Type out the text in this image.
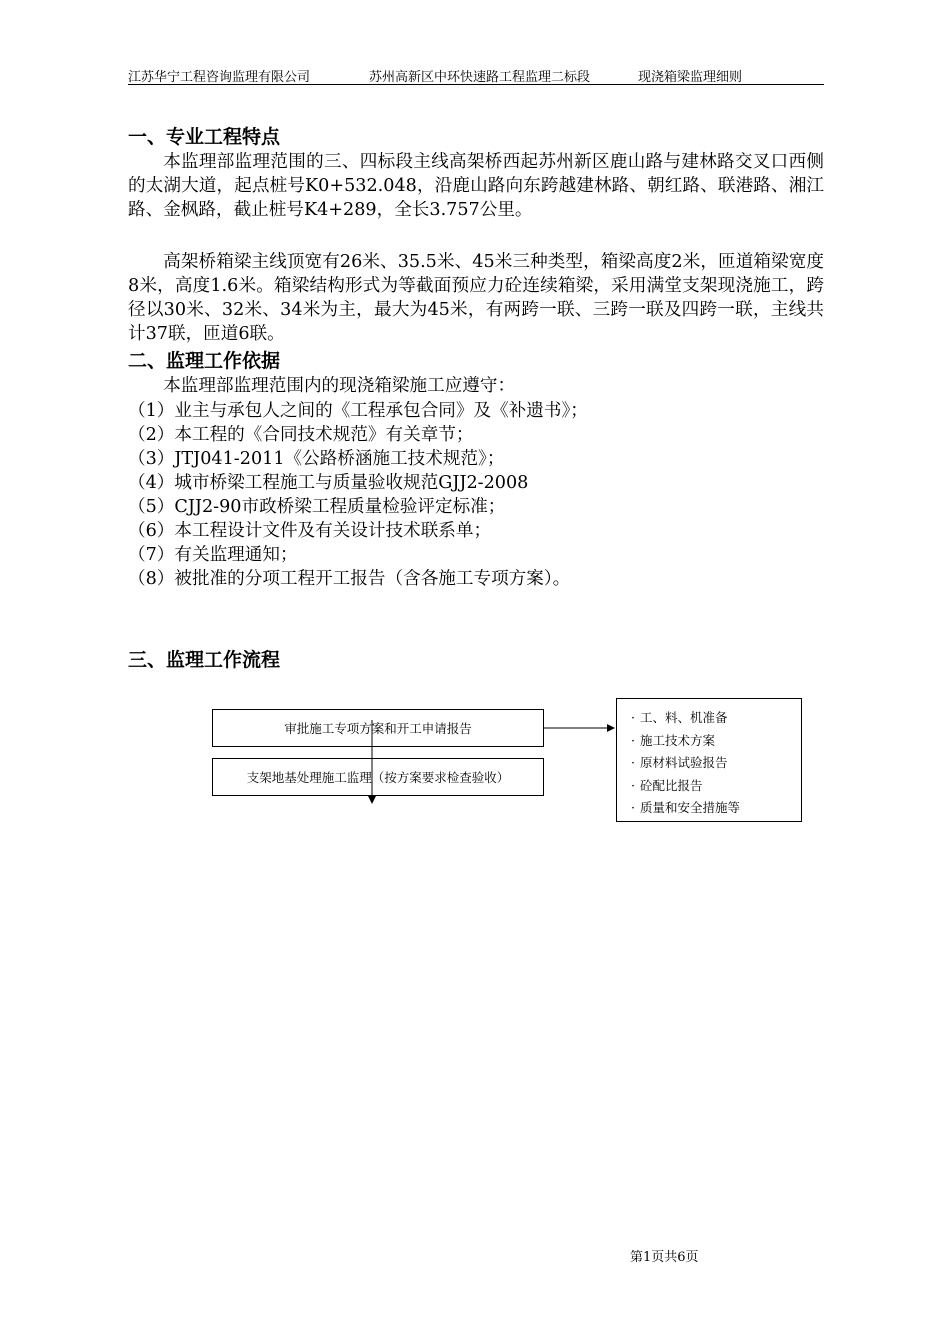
江苏华宁工程咨询监理有限公司	苏州高新区中环快速路工程监理二标段	现浇箱梁监理细则
一、专业工程特点
本监理部监理范围的三、四标段主线高架桥西起苏州新区鹿山路与建林路交叉口西侧的太湖大道，起点桩号K0+532.048，沿鹿山路向东跨越建林路、朝红路、联港路、湘江路、金枫路，截止桩号K4+289，全长3.757公里。
高架桥箱梁主线顶宽有26米、35.5米、45米三种类型，箱梁高度2米，匝道箱梁宽度8米，高度1.6米。箱梁结构形式为等截面预应力砼连续箱梁，采用满堂支架现浇施工，跨径以30米、32米、34米为主，最大为45米，有两跨一联、三跨一联及四跨一联，主线共计37联，匝道6联。
二、监理工作依据
本监理部监理范围内的现浇箱梁施工应遵守：
（1）业主与承包人之间的《工程承包合同》及《补遗书》；
（2）本工程的《合同技术规范》有关章节；
（3）JTJ041-2011《公路桥涵施工技术规范》；
（4）城市桥梁工程施工与质量验收规范GJJ2-2008
（5）CJJ2-90市政桥梁工程质量检验评定标准；
（6）本工程设计文件及有关设计技术联系单；
（7）有关监理通知；
（8）被批准的分项工程开工报告（含各施工专项方案）。
三、监理工作流程
审批施工专项方案和开工申请报告
支架地基处理施工监理（按方案要求检查验收）
· 工、料、机准备
· 施工技术方案
· 原材料试验报告
· 砼配比报告
· 质量和安全措施等
第1页共6页
